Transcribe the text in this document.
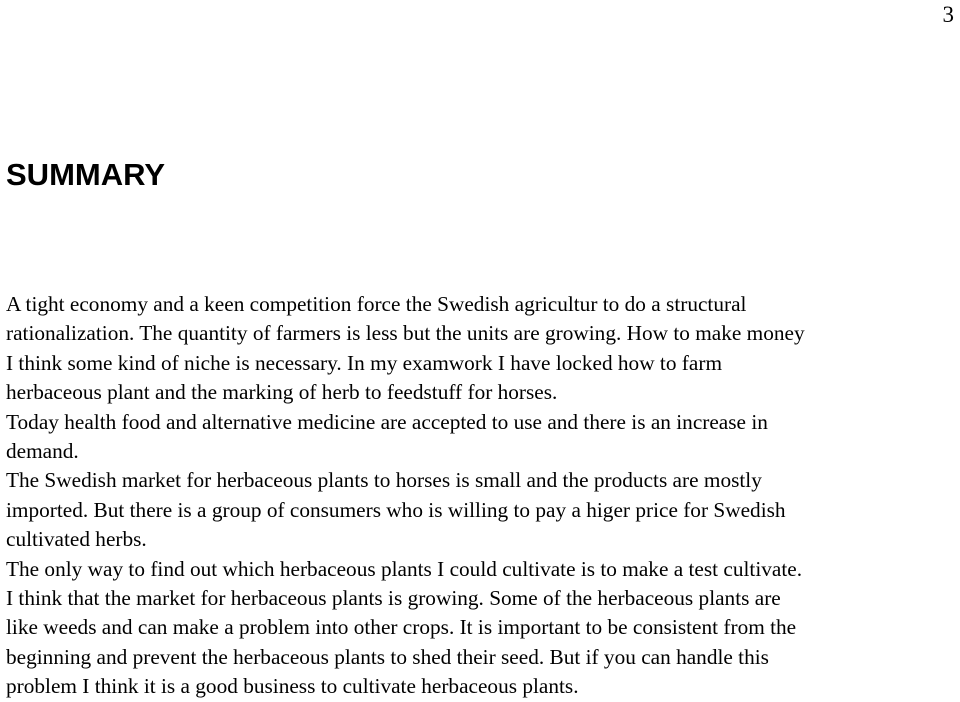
3
SUMMARY

A tight economy and a keen competition force the Swedish agricultur to do a structural

rationalization. The quantity of farmers is less but the units are growing. How to make money

I think some kind of niche is necessary. In my examwork I have locked how to farm

herbaceous plant and the marking of herb to feedstuff for horses.

Today health food and alternative medicine are accepted to use and there is an increase in

demand.

The Swedish market for herbaceous plants to horses is small and the products are mostly

imported. But there is a group of consumers who is willing to pay a higer price for Swedish

cultivated herbs.

The only way to find out which herbaceous plants I could cultivate is to make a test cultivate.

I think that the market for herbaceous plants is growing. Some of the herbaceous plants are

like weeds and can make a problem into other crops. It is important to be consistent from the

beginning and prevent the herbaceous plants to shed their seed. But if you can handle this

problem I think it is a good business to cultivate herbaceous plants.
